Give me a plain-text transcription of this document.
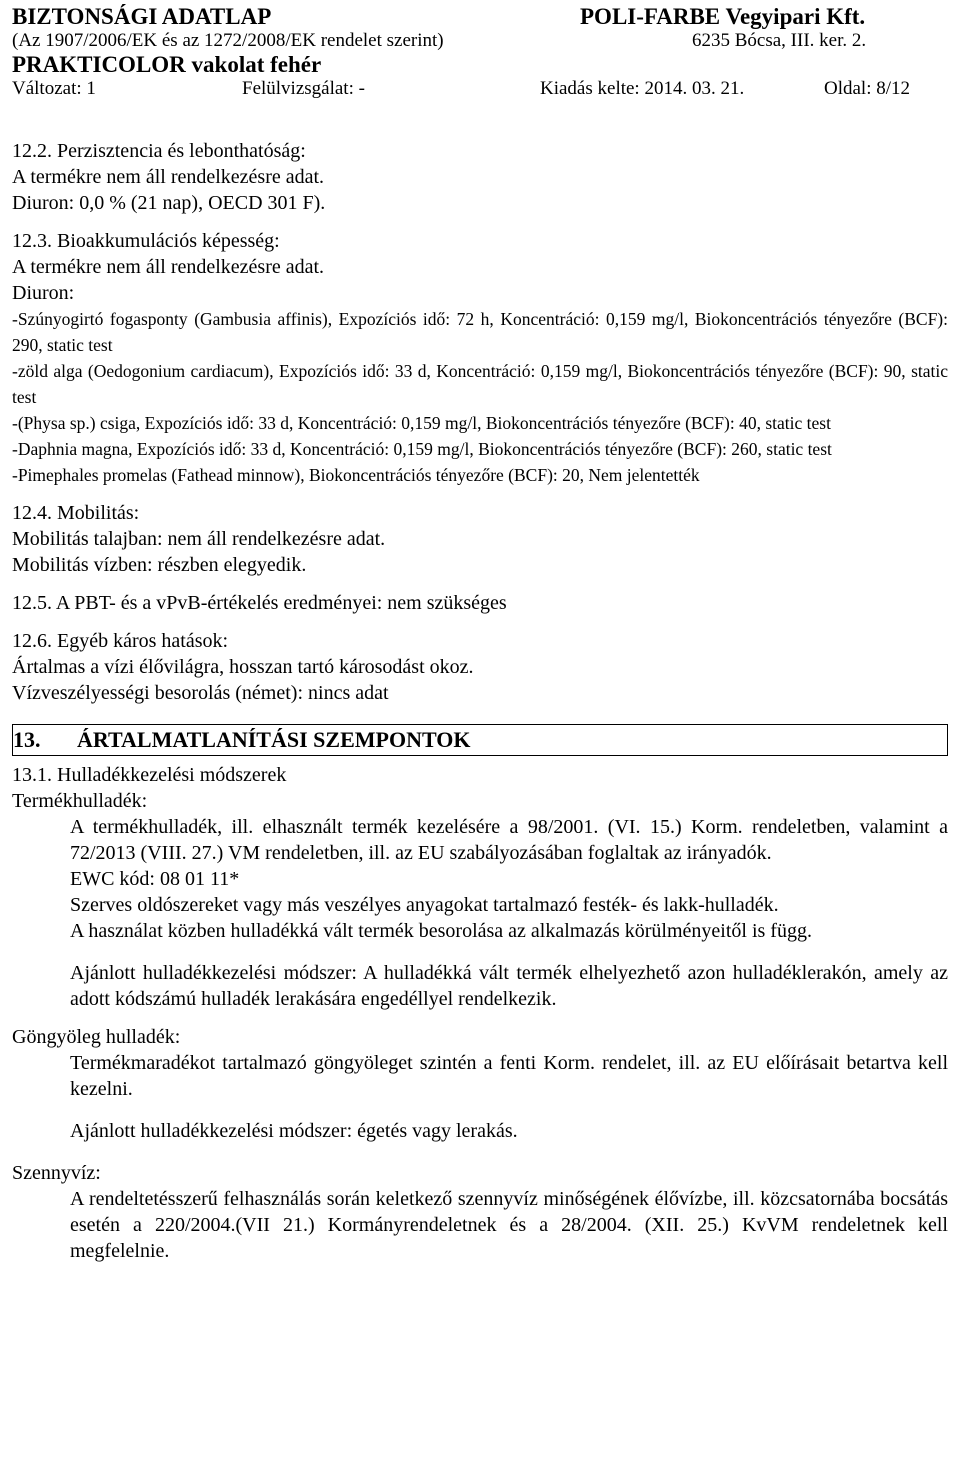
BIZTONSÁGI ADATLAP	POLI-FARBE Vegyipari Kft.
(Az 1907/2006/EK és az 1272/2008/EK rendelet szerint)	6235 Bócsa, III. ker. 2.
PRAKTICOLOR vakolat fehér
Változat: 1	Felülvizsgálat: -	Kiadás kelte: 2014. 03. 21.	Oldal: 8/12

12.2. Perzisztencia és lebonthatóság:

A termékre nem áll rendelkezésre adat.

Diuron: 0,0 % (21 nap), OECD 301 F).

12.3. Bioakkumulációs képesség:

A termékre nem áll rendelkezésre adat.

Diuron:

-Szúnyogirtó fogasponty (Gambusia affinis), Expozíciós idő: 72 h, Koncentráció: 0,159 mg/l, Biokoncentrációs tényezőre (BCF): 290, static test

-zöld alga (Oedogonium cardiacum), Expozíciós idő: 33 d, Koncentráció: 0,159 mg/l, Biokoncentrációs tényezőre (BCF): 90, static test

-(Physa sp.) csiga, Expozíciós idő: 33 d, Koncentráció: 0,159 mg/l, Biokoncentrációs tényezőre (BCF): 40, static test

-Daphnia magna, Expozíciós idő: 33 d, Koncentráció: 0,159 mg/l, Biokoncentrációs tényezőre (BCF): 260, static test

-Pimephales promelas (Fathead minnow), Biokoncentrációs tényezőre (BCF): 20, Nem jelentették

12.4. Mobilitás:

Mobilitás talajban: nem áll rendelkezésre adat.

Mobilitás vízben: részben elegyedik.

12.5. A PBT- és a vPvB-értékelés eredményei: nem szükséges

12.6. Egyéb káros hatások:

Ártalmas a vízi élővilágra, hosszan tartó károsodást okoz.

Vízveszélyességi besorolás (német): nincs adat

13. ÁRTALMATLANÍTÁSI SZEMPONTOK

13.1. Hulladékkezelési módszerek

Termékhulladék:

A termékhulladék, ill. elhasznált termék kezelésére a 98/2001. (VI. 15.) Korm. rendeletben, valamint a 72/2013 (VIII. 27.) VM rendeletben, ill. az EU szabályozásában foglaltak az irányadók.

EWC kód: 08 01 11*

Szerves oldószereket vagy más veszélyes anyagokat tartalmazó festék- és lakk-hulladék.

A használat közben hulladékká vált termék besorolása az alkalmazás körülményeitől is függ.

Ajánlott hulladékkezelési módszer: A hulladékká vált termék elhelyezhető azon hulladéklerakón, amely az adott kódszámú hulladék lerakására engedéllyel rendelkezik.

Göngyöleg hulladék:

Termékmaradékot tartalmazó göngyöleget szintén a fenti Korm. rendelet, ill. az EU előírásait betartva kell kezelni.

Ajánlott hulladékkezelési módszer: égetés vagy lerakás.

Szennyvíz:

A rendeltetésszerű felhasználás során keletkező szennyvíz minőségének élővízbe, ill. közcsatornába bocsátás esetén a 220/2004.(VII 21.) Kormányrendeletnek és a 28/2004. (XII. 25.) KvVM rendeletnek kell megfelelnie.
